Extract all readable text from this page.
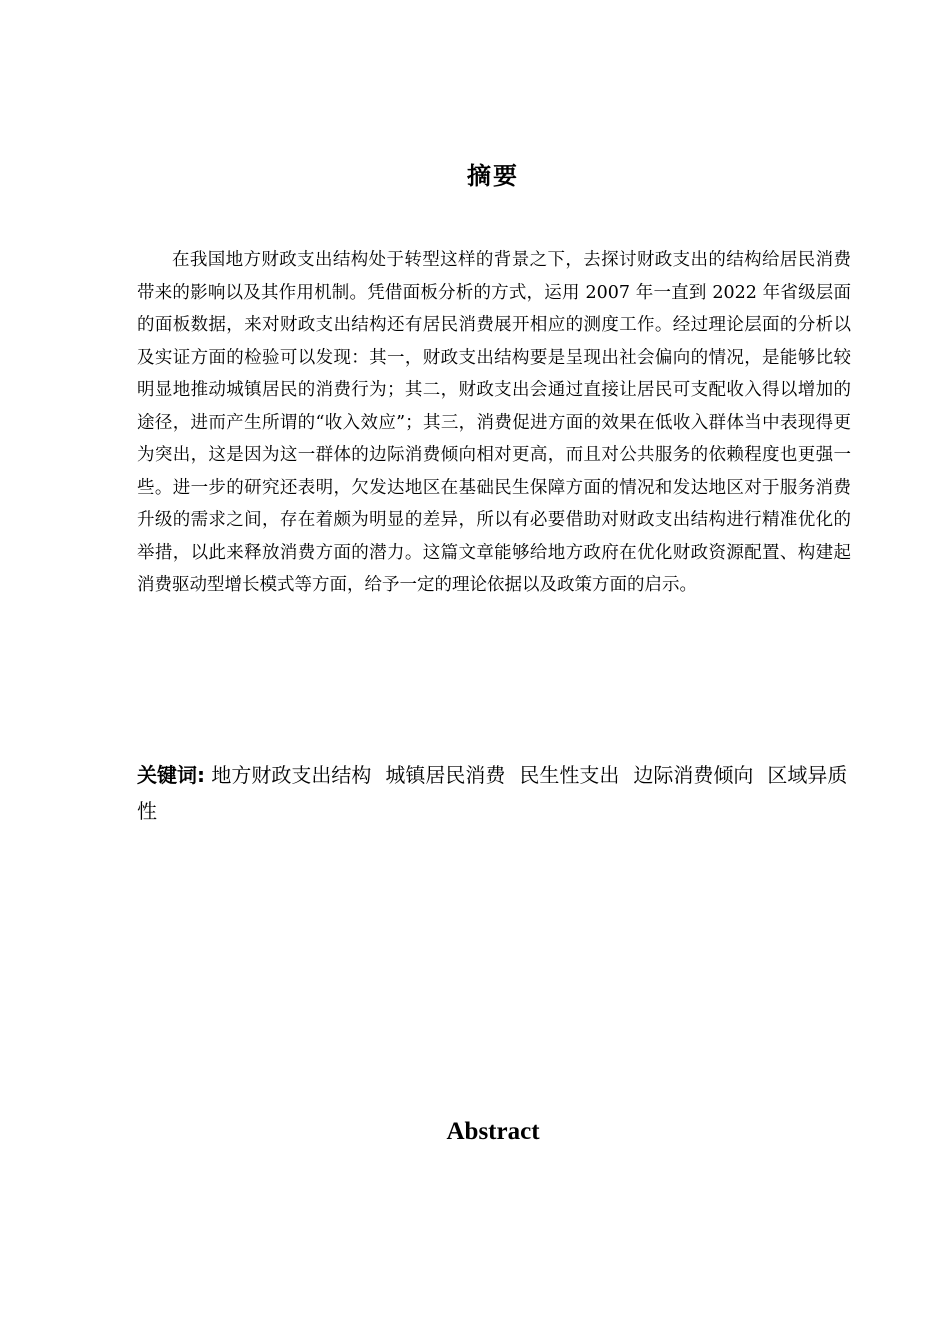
摘要

在我国地方财政支出结构处于转型这样的背景之下，去探讨财政支出的结构给居民消费带来的影响以及其作用机制。凭借面板分析的方式，运用 2007 年一直到 2022 年省级层面的面板数据，来对财政支出结构还有居民消费展开相应的测度工作。经过理论层面的分析以及实证方面的检验可以发现：其一，财政支出结构要是呈现出社会偏向的情况，是能够比较明显地推动城镇居民的消费行为；其二，财政支出会通过直接让居民可支配收入得以增加的途径，进而产生所谓的“收入效应”；其三，消费促进方面的效果在低收入群体当中表现得更为突出，这是因为这一群体的边际消费倾向相对更高，而且对公共服务的依赖程度也更强一些。进一步的研究还表明，欠发达地区在基础民生保障方面的情况和发达地区对于服务消费升级的需求之间，存在着颇为明显的差异，所以有必要借助对财政支出结构进行精准优化的举措，以此来释放消费方面的潜力。这篇文章能够给地方政府在优化财政资源配置、构建起消费驱动型增长模式等方面，给予一定的理论依据以及政策方面的启示。

关键词: 地方财政支出结构 城镇居民消费 民生性支出 边际消费倾向 区域异质性

Abstract
